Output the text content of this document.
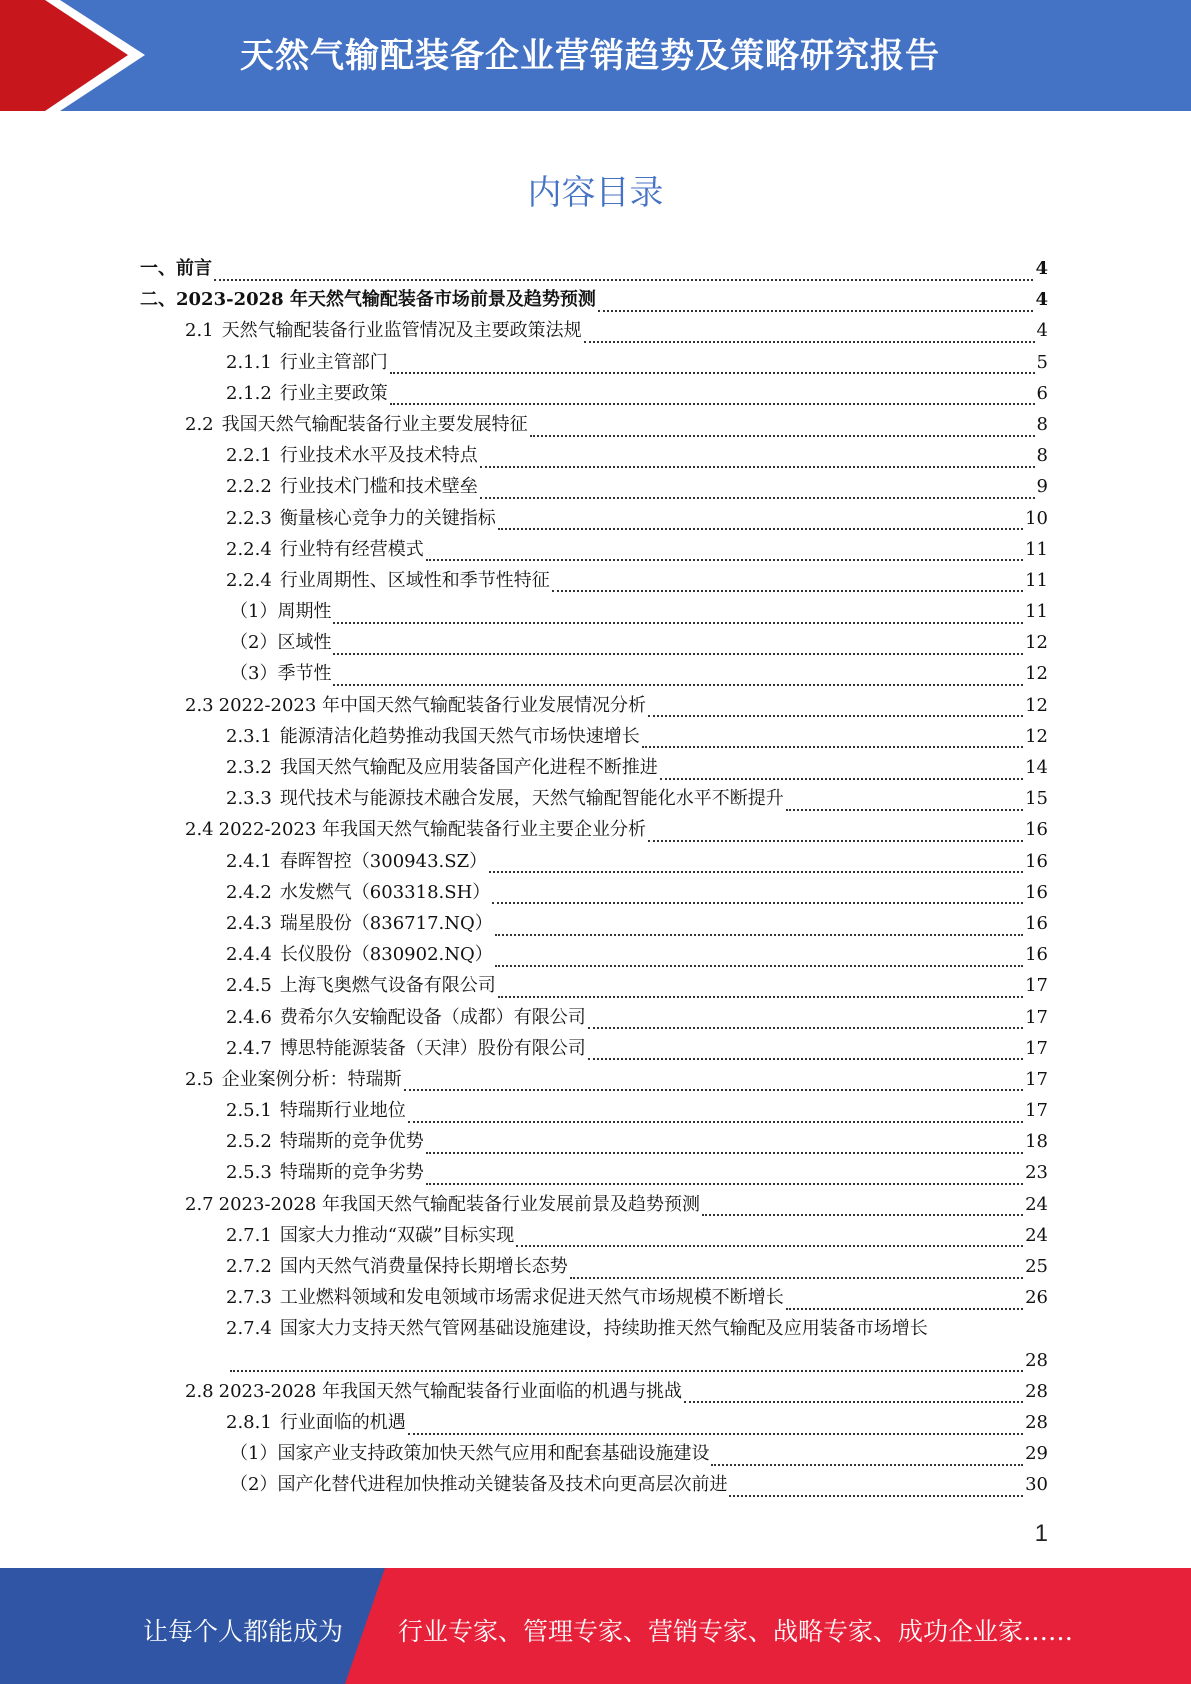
天然气输配装备企业营销趋势及策略研究报告
内容目录
一、 前言	4
二、 2023-2028 年天然气输配装备市场前景及趋势预测	4
2.1 天然气输配装备行业监管情况及主要政策法规	4
2.1.1 行业主管部门	5
2.1.2 行业主要政策	6
2.2 我国天然气输配装备行业主要发展特征	8
2.2.1 行业技术水平及技术特点	8
2.2.2 行业技术门槛和技术壁垒	9
2.2.3 衡量核心竞争力的关键指标	10
2.2.4 行业特有经营模式	11
2.2.4 行业周期性、区域性和季节性特征	11
（1） 周期性	11
（2） 区域性	12
（3） 季节性	12
2.3 2022-2023 年中国天然气输配装备行业发展情况分析	12
2.3.1 能源清洁化趋势推动我国天然气市场快速增长	12
2.3.2 我国天然气输配及应用装备国产化进程不断推进	14
2.3.3 现代技术与能源技术融合发展，天然气输配智能化水平不断提升	15
2.4 2022-2023 年我国天然气输配装备行业主要企业分析	16
2.4.1 春晖智控（300943.SZ）	16
2.4.2 水发燃气（603318.SH）	16
2.4.3 瑞星股份（836717.NQ）	16
2.4.4 长仪股份（830902.NQ）	16
2.4.5 上海飞奥燃气设备有限公司	17
2.4.6 费希尔久安输配设备（成都）有限公司	17
2.4.7 博思特能源装备（天津）股份有限公司	17
2.5 企业案例分析：特瑞斯	17
2.5.1 特瑞斯行业地位	17
2.5.2 特瑞斯的竞争优势	18
2.5.3 特瑞斯的竞争劣势	23
2.7 2023-2028 年我国天然气输配装备行业发展前景及趋势预测	24
2.7.1 国家大力推动“双碳”目标实现	24
2.7.2 国内天然气消费量保持长期增长态势	25
2.7.3 工业燃料领域和发电领域市场需求促进天然气市场规模不断增长	26
2.7.4 国家大力支持天然气管网基础设施建设，持续助推天然气输配及应用装备市场增长
28
2.8 2023-2028 年我国天然气输配装备行业面临的机遇与挑战	28
2.8.1 行业面临的机遇	28
（1） 国家产业支持政策加快天然气应用和配套基础设施建设	29
（2） 国产化替代进程加快推动关键装备及技术向更高层次前进	30
1
让每个人都能成为 行业专家、管理专家、营销专家、战略专家、成功企业家……
